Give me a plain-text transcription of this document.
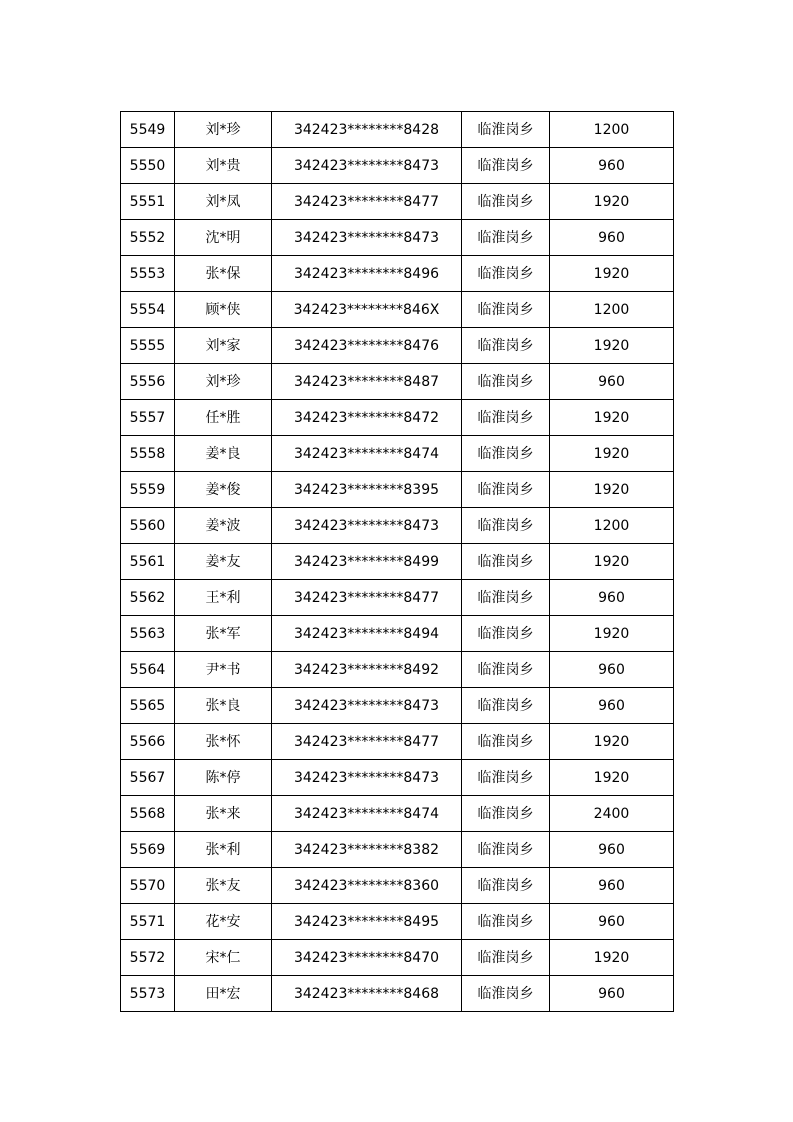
5549	刘*珍	342423********8428	临淮岗乡	1200
5550	刘*贵	342423********8473	临淮岗乡	960
5551	刘*凤	342423********8477	临淮岗乡	1920
5552	沈*明	342423********8473	临淮岗乡	960
5553	张*保	342423********8496	临淮岗乡	1920
5554	顾*侠	342423********846X	临淮岗乡	1200
5555	刘*家	342423********8476	临淮岗乡	1920
5556	刘*珍	342423********8487	临淮岗乡	960
5557	任*胜	342423********8472	临淮岗乡	1920
5558	姜*良	342423********8474	临淮岗乡	1920
5559	姜*俊	342423********8395	临淮岗乡	1920
5560	姜*波	342423********8473	临淮岗乡	1200
5561	姜*友	342423********8499	临淮岗乡	1920
5562	王*利	342423********8477	临淮岗乡	960
5563	张*军	342423********8494	临淮岗乡	1920
5564	尹*书	342423********8492	临淮岗乡	960
5565	张*良	342423********8473	临淮岗乡	960
5566	张*怀	342423********8477	临淮岗乡	1920
5567	陈*停	342423********8473	临淮岗乡	1920
5568	张*来	342423********8474	临淮岗乡	2400
5569	张*利	342423********8382	临淮岗乡	960
5570	张*友	342423********8360	临淮岗乡	960
5571	花*安	342423********8495	临淮岗乡	960
5572	宋*仁	342423********8470	临淮岗乡	1920
5573	田*宏	342423********8468	临淮岗乡	960
